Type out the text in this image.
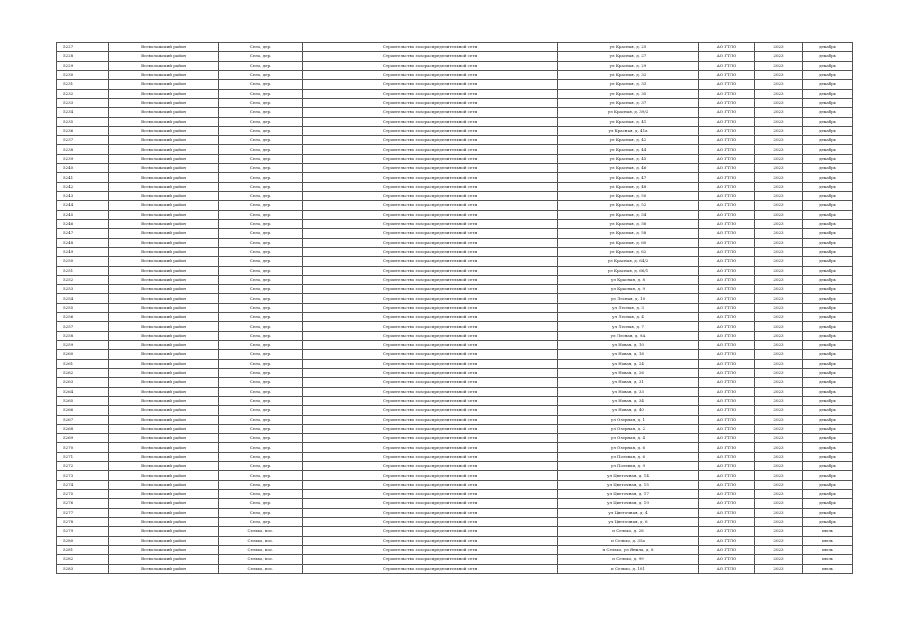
5227	Всеволожский район	Село, дер.	Строительство газораспределительной сети	ул Красная, д. 25	АО ГТЛО	2023	декабрь
5228	Всеволожский район	Село, дер.	Строительство газораспределительной сети	ул Красная, д. 27	АО ГТЛО	2023	декабрь
5229	Всеволожский район	Село, дер.	Строительство газораспределительной сети	ул Красная, д. 29	АО ГТЛО	2023	декабрь
5230	Всеволожский район	Село, дер.	Строительство газораспределительной сети	ул Красная, д. 32	АО ГТЛО	2023	декабрь
5231	Всеволожский район	Село, дер.	Строительство газораспределительной сети	ул Красная, д. 33	АО ГТЛО	2023	декабрь
5232	Всеволожский район	Село, дер.	Строительство газораспределительной сети	ул Красная, д. 35	АО ГТЛО	2023	декабрь
5233	Всеволожский район	Село, дер.	Строительство газораспределительной сети	ул Красная, д. 37	АО ГТЛО	2023	декабрь
5234	Всеволожский район	Село, дер.	Строительство газораспределительной сети	ул Красная, д. 39/2	АО ГТЛО	2023	декабрь
5235	Всеволожский район	Село, дер.	Строительство газораспределительной сети	ул Красная, д. 41	АО ГТЛО	2023	декабрь
5236	Всеволожский район	Село, дер.	Строительство газораспределительной сети	ул Красная, д. 41а	АО ГТЛО	2023	декабрь
5237	Всеволожский район	Село, дер.	Строительство газораспределительной сети	ул Красная, д. 42	АО ГТЛО	2023	декабрь
5238	Всеволожский район	Село, дер.	Строительство газораспределительной сети	ул Красная, д. 44	АО ГТЛО	2023	декабрь
5239	Всеволожский район	Село, дер.	Строительство газораспределительной сети	ул Красная, д. 45	АО ГТЛО	2023	декабрь
5240	Всеволожский район	Село, дер.	Строительство газораспределительной сети	ул Красная, д. 46	АО ГТЛО	2023	декабрь
5241	Всеволожский район	Село, дер.	Строительство газораспределительной сети	ул Красная, д. 47	АО ГТЛО	2023	декабрь
5242	Всеволожский район	Село, дер.	Строительство газораспределительной сети	ул Красная, д. 48	АО ГТЛО	2023	декабрь
5243	Всеволожский район	Село, дер.	Строительство газораспределительной сети	ул Красная, д. 50	АО ГТЛО	2023	декабрь
5244	Всеволожский район	Село, дер.	Строительство газораспределительной сети	ул Красная, д. 52	АО ГТЛО	2023	декабрь
5245	Всеволожский район	Село, дер.	Строительство газораспределительной сети	ул Красная, д. 54	АО ГТЛО	2023	декабрь
5246	Всеволожский район	Село, дер.	Строительство газораспределительной сети	ул Красная, д. 56	АО ГТЛО	2023	декабрь
5247	Всеволожский район	Село, дер.	Строительство газораспределительной сети	ул Красная, д. 58	АО ГТЛО	2023	декабрь
5248	Всеволожский район	Село, дер.	Строительство газораспределительной сети	ул Красная, д. 60	АО ГТЛО	2023	декабрь
5249	Всеволожский район	Село, дер.	Строительство газораспределительной сети	ул Красная, д. 62	АО ГТЛО	2023	декабрь
5250	Всеволожский район	Село, дер.	Строительство газораспределительной сети	ул Красная, д. 64/2	АО ГТЛО	2023	декабрь
5251	Всеволожский район	Село, дер.	Строительство газораспределительной сети	ул Красная, д. 66/1	АО ГТЛО	2023	декабрь
5252	Всеволожский район	Село, дер.	Строительство газораспределительной сети	ул Красная, д. 8	АО ГТЛО	2023	декабрь
5253	Всеволожский район	Село, дер.	Строительство газораспределительной сети	ул Красная, д. 9	АО ГТЛО	2023	декабрь
5254	Всеволожский район	Село, дер.	Строительство газораспределительной сети	ул Лесная, д. 10	АО ГТЛО	2023	декабрь
5255	Всеволожский район	Село, дер.	Строительство газораспределительной сети	ул Лесная, д. 3	АО ГТЛО	2023	декабрь
5256	Всеволожский район	Село, дер.	Строительство газораспределительной сети	ул Лесная, д. 4	АО ГТЛО	2023	декабрь
5257	Всеволожский район	Село, дер.	Строительство газораспределительной сети	ул Лесная, д. 7	АО ГТЛО	2023	декабрь
5258	Всеволожский район	Село, дер.	Строительство газораспределительной сети	ул Лесная, д. 9А	АО ГТЛО	2023	декабрь
5259	Всеволожский район	Село, дер.	Строительство газораспределительной сети	ул Новая, д. 10	АО ГТЛО	2023	декабрь
5260	Всеволожский район	Село, дер.	Строительство газораспределительной сети	ул Новая, д. 18	АО ГТЛО	2023	декабрь
5261	Всеволожский район	Село, дер.	Строительство газораспределительной сети	ул Новая, д. 24	АО ГТЛО	2023	декабрь
5262	Всеволожский район	Село, дер.	Строительство газораспределительной сети	ул Новая, д. 26	АО ГТЛО	2023	декабрь
5263	Всеволожский район	Село, дер.	Строительство газораспределительной сети	ул Новая, д. 31	АО ГТЛО	2023	декабрь
5264	Всеволожский район	Село, дер.	Строительство газораспределительной сети	ул Новая, д. 33	АО ГТЛО	2023	декабрь
5265	Всеволожский район	Село, дер.	Строительство газораспределительной сети	ул Новая, д. 34	АО ГТЛО	2023	декабрь
5266	Всеволожский район	Село, дер.	Строительство газораспределительной сети	ул Новая, д. 40	АО ГТЛО	2023	декабрь
5267	Всеволожский район	Село, дер.	Строительство газораспределительной сети	ул Озерная, д. 1	АО ГТЛО	2023	декабрь
5268	Всеволожский район	Село, дер.	Строительство газораспределительной сети	ул Озерная, д. 2	АО ГТЛО	2023	декабрь
5269	Всеволожский район	Село, дер.	Строительство газораспределительной сети	ул Озерная, д. 4	АО ГТЛО	2023	декабрь
5270	Всеволожский район	Село, дер.	Строительство газораспределительной сети	ул Озерная, д. 6	АО ГТЛО	2023	декабрь
5271	Всеволожский район	Село, дер.	Строительство газораспределительной сети	ул Полевая, д. 6	АО ГТЛО	2023	декабрь
5272	Всеволожский район	Село, дер.	Строительство газораспределительной сети	ул Полевая, д. 9	АО ГТЛО	2023	декабрь
5273	Всеволожский район	Село, дер.	Строительство газораспределительной сети	ул Цветочная, д. 14	АО ГТЛО	2023	декабрь
5274	Всеволожский район	Село, дер.	Строительство газораспределительной сети	ул Цветочная, д. 15	АО ГТЛО	2023	декабрь
5275	Всеволожский район	Село, дер.	Строительство газораспределительной сети	ул Цветочная, д. 17	АО ГТЛО	2023	декабрь
5276	Всеволожский район	Село, дер.	Строительство газораспределительной сети	ул Цветочная, д. 19	АО ГТЛО	2023	декабрь
5277	Всеволожский район	Село, дер.	Строительство газораспределительной сети	ул Цветочная, д. 4	АО ГТЛО	2023	декабрь
5278	Всеволожский район	Село, дер.	Строительство газораспределительной сети	ул Цветочная, д. 6	АО ГТЛО	2023	декабрь
5279	Всеволожский район	Сельхо, пос.	Строительство газораспределительной сети	п Сельхо, д. 28	АО ГТЛО	2023	июль
5280	Всеволожский район	Сельхо, пос.	Строительство газораспределительной сети	п Сельхо, д. 35а	АО ГТЛО	2023	июль
5281	Всеволожский район	Сельхо, пос.	Строительство газораспределительной сети	п Сельхо, ул Янила, д. 8	АО ГТЛО	2023	июль
5282	Всеволожский район	Сельхо, пос.	Строительство газораспределительной сети	п Сельхо, д. 99	АО ГТЛО	2023	июль
5283	Всеволожский район	Сельхо, пос.	Строительство газораспределительной сети	п Сельхо, д. 101	АО ГТЛО	2023	июль
